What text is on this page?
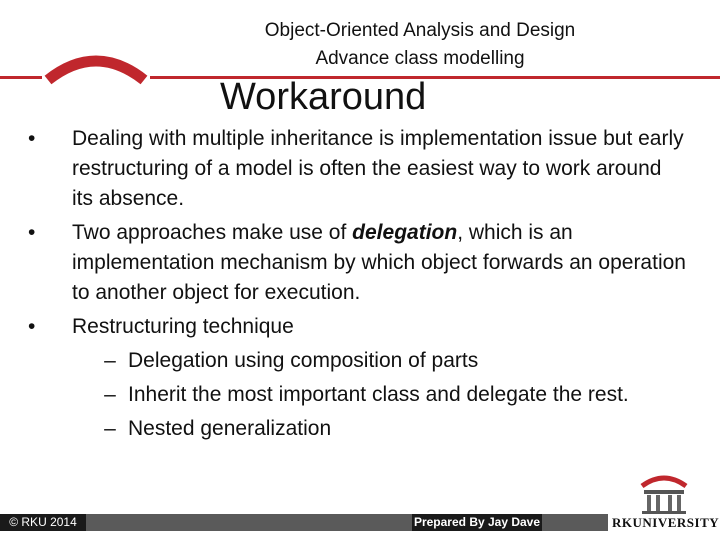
Object-Oriented Analysis and Design
Advance class modelling
Workaround
•	Dealing with multiple inheritance is implementation issue but early restructuring of a model is often the easiest way to work around its absence.
•	Two approaches make use of delegation, which is an implementation mechanism by which object forwards an operation to another object for execution.
•	Restructuring technique
– Delegation using composition of parts
– Inherit the most important class and delegate the rest.
– Nested generalization
© RKU 2014	Prepared By Jay Dave	RKUNIVERSITY
